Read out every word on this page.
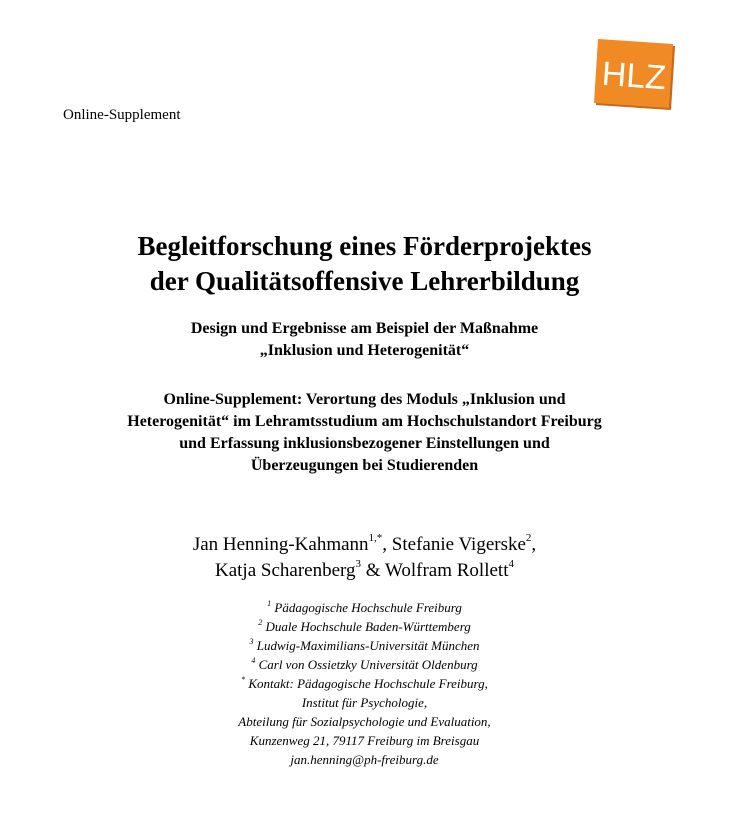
Online-Supplement
HLZ
Begleitforschung eines Förderprojektes
der Qualitätsoffensive Lehrerbildung
Design und Ergebnisse am Beispiel der Maßnahme
„Inklusion und Heterogenität“
Online-Supplement: Verortung des Moduls „Inklusion und
Heterogenität“ im Lehramtsstudium am Hochschulstandort Freiburg
und Erfassung inklusionsbezogener Einstellungen und
Überzeugungen bei Studierenden
Jan Henning-Kahmann$^{1,*}$, Stefanie Vigerske$^2$,
Katja Scharenberg$^3$ & Wolfram Rollett$^4$
$^1$ Pädagogische Hochschule Freiburg
$^2$ Duale Hochschule Baden-Württemberg
$^3$ Ludwig-Maximilians-Universität München
$^4$ Carl von Ossietzky Universität Oldenburg
* Kontakt: Pädagogische Hochschule Freiburg,
Institut für Psychologie,
Abteilung für Sozialpsychologie und Evaluation,
Kunzenweg 21, 79117 Freiburg im Breisgau
jan.henning@ph-freiburg.de
